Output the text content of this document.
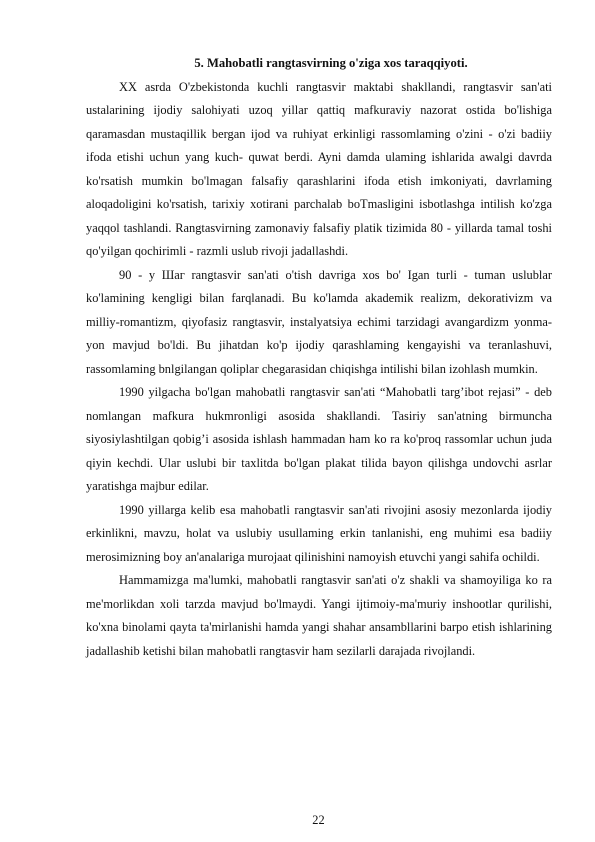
5. Mahobatli rangtasvirning o'ziga xos taraqqiyoti.

XX asrda O'zbekistonda kuchli rangtasvir maktabi shakllandi, rangtasvir san'ati ustalarining ijodiy salohiyati uzoq yillar qattiq mafkuraviy nazorat ostida bo'lishiga qaramasdan mustaqillik bergan ijod va ruhiyat erkinligi rassomlaming o'zini - o'zi badiiy ifoda etishi uchun yang kuch- quwat berdi. Ayni damda ulaming ishlarida awalgi davrda ko'rsatish mumkin bo'lmagan falsafiy qarashlarini ifoda etish imkoniyati, davrlaming aloqadoligini ko'rsatish, tarixiy xotirani parchalab boTmasligini isbotlashga intilish ko'zga yaqqol tashlandi. Rangtasvirning zamonaviy falsafiy platik tizimida 80 - yillarda tamal toshi qo'yilgan qochirimli - razmli uslub rivoji jadallashdi.

90 - y Шаг rangtasvir san'ati o'tish davriga xos bo' Igan turli - tuman uslublar ko'lamining kengligi bilan farqlanadi. Bu ko'lamda akademik realizm, dekorativizm va milliy-romantizm, qiyofasiz rangtasvir, instalyatsiya echimi tarzidagi avangardizm yonma-yon mavjud bo'ldi. Bu jihatdan ko'p ijodiy qarashlaming kengayishi va teranlashuvi, rassomlaming bnlgilangan qoliplar chegarasidan chiqishga intilishi bilan izohlash mumkin.

1990 yilgacha bo'lgan mahobatli rangtasvir san'ati “Mahobatli targ’ibot rejasi” - deb nomlangan mafkura hukmronligi asosida shakllandi. Tasiriy san'atning birmuncha siyosiylashtilgan qobig’i asosida ishlash hammadan ham ko ra ko'proq rassomlar uchun juda qiyin kechdi. Ular uslubi bir taxlitda bo'lgan plakat tilida bayon qilishga undovchi asrlar yaratishga majbur edilar.

1990 yillarga kelib esa mahobatli rangtasvir san'ati rivojini asosiy mezonlarda ijodiy erkinlikni, mavzu, holat va uslubiy usullaming erkin tanlanishi, eng muhimi esa badiiy merosimizning boy an'analariga murojaat qilinishini namoyish etuvchi yangi sahifa ochildi.

Hammamizga ma'lumki, mahobatli rangtasvir san'ati o'z shakli va shamoyiliga ko ra me'morlikdan xoli tarzda mavjud bo'lmaydi. Yangi ijtimoiy-ma'muriy inshootlar qurilishi, ko'xna binolami qayta ta'mirlanishi hamda yangi shahar ansambllarini barpo etish ishlarining jadallashib ketishi bilan mahobatli rangtasvir ham sezilarli darajada rivojlandi.

22
